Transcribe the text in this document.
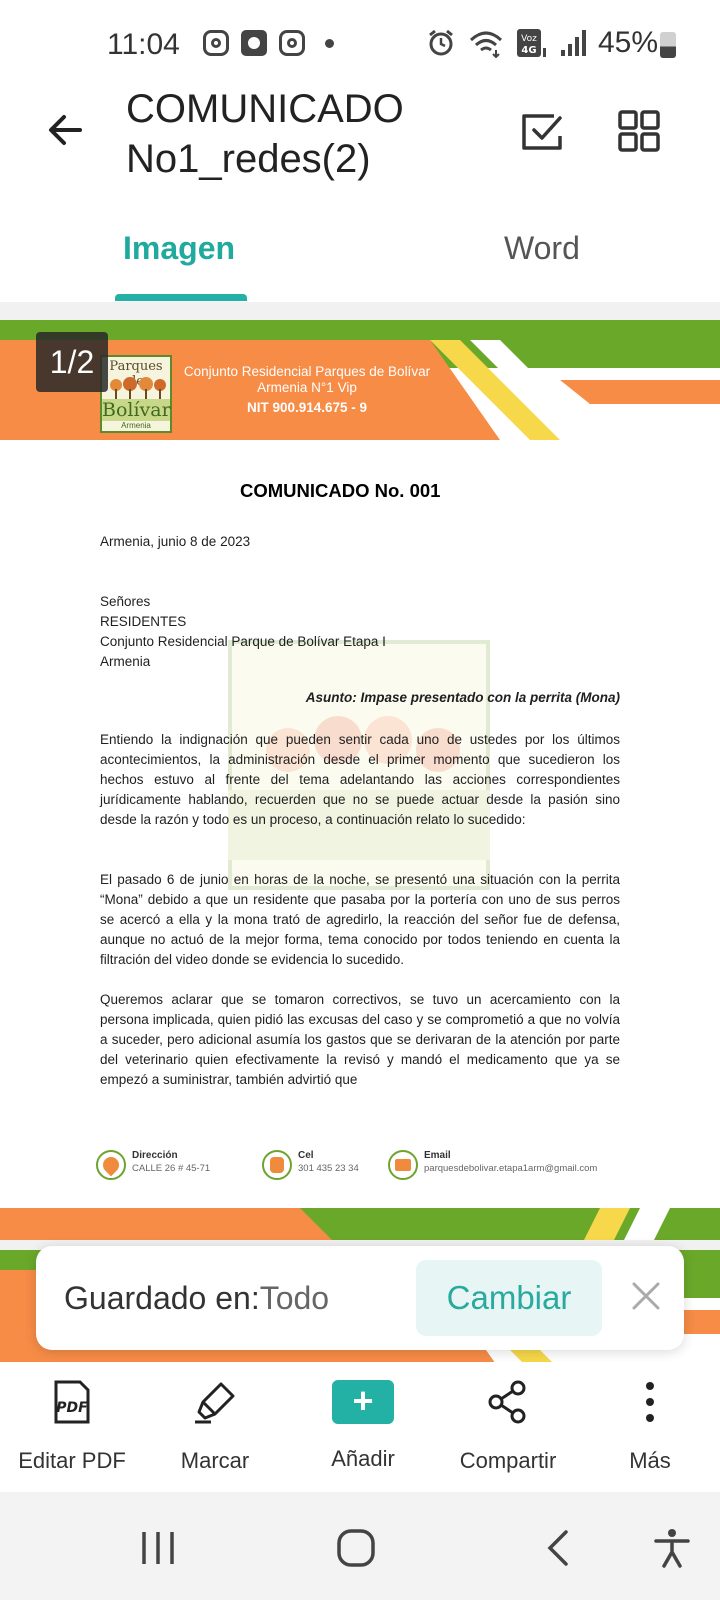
11:04	Voz
4G 45%
COMUNICADO No1_redes(2)
Imagen	Word
Parques
Bolívar
Armenia
Conjunto Residencial Parques de Bolívar
Armenia N°1 Vip
NIT 900.914.675 - 9
COMUNICADO No. 001
Armenia, junio 8 de 2023
Señores
RESIDENTES
Conjunto Residencial Parque de Bolívar Etapa I
Armenia
Asunto: Impase presentado con la perrita (Mona)
Entiendo la indignación que pueden sentir cada uno de ustedes por los últimos acontecimientos, la administración desde el primer momento que sucedieron los hechos estuvo al frente del tema adelantando las acciones correspondientes jurídicamente hablando, recuerden que no se puede actuar desde la pasión sino desde la razón y todo es un proceso, a continuación relato lo sucedido:
El pasado 6 de junio en horas de la noche, se presentó una situación con la perrita “Mona” debido a que un residente que pasaba por la portería con uno de sus perros se acercó a ella y la mona trató de agredirlo, la reacción del señor fue de defensa, aunque no actuó de la mejor forma, tema conocido por todos teniendo en cuenta la filtración del video donde se evidencia lo sucedido.
Queremos aclarar que se tomaron correctivos, se tuvo un acercamiento con la persona implicada, quien pidió las excusas del caso y se comprometió a que no volvía a suceder, pero adicional asumía los gastos que se derivaran de la atención por parte del veterinario quien efectivamente la revisó y mandó el medicamento que ya se empezó a suministrar, también advirtió que
Dirección
CALLE 26 # 45-71
Cel
301 435 23 34
Email
parquesdebolivar.etapa1arm@gmail.com
1/2
Guardado en:Todo	Cambiar
PDF
Editar PDF	Marcar
+
Añadir	Compartir	Más
